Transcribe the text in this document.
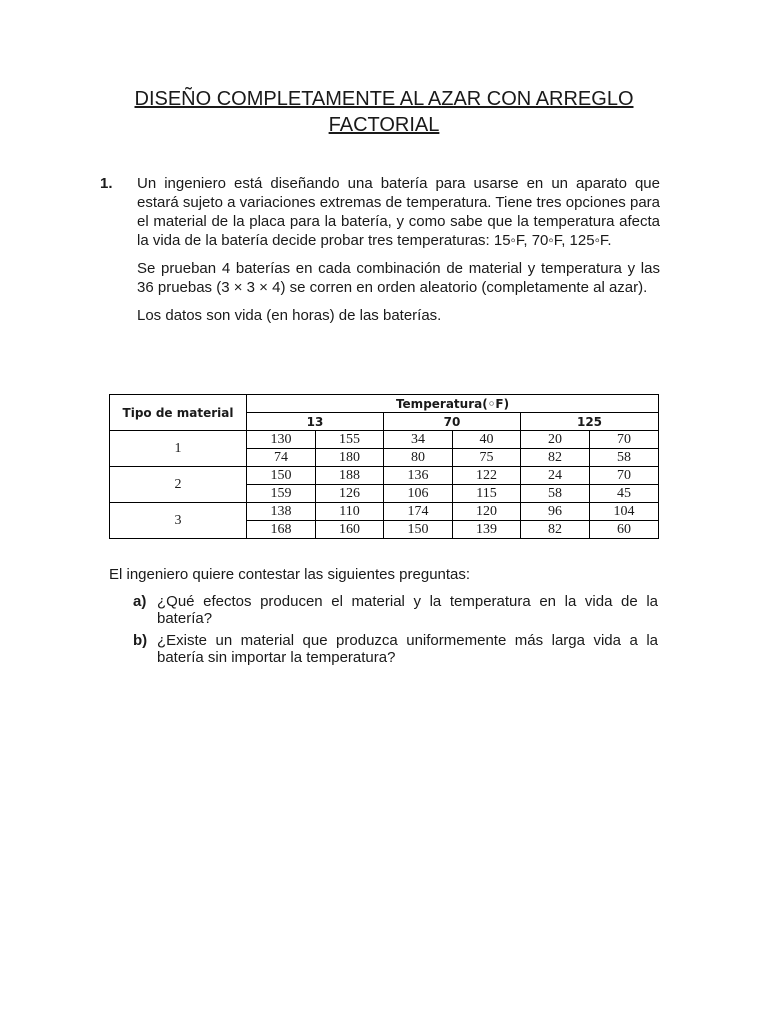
DISEÑO COMPLETAMENTE AL AZAR CON ARREGLO
FACTORIAL
1. Un ingeniero está diseñando una batería para usarse en un aparato que estará sujeto a variaciones extremas de temperatura. Tiene tres opciones para el material de la placa para la batería, y como sabe que la temperatura afecta la vida de la batería decide probar tres temperaturas: 15◦F, 70◦F, 125◦F.

Se prueban 4 baterías en cada combinación de material y temperatura y las 36 pruebas (3 × 3 × 4) se corren en orden aleatorio (completamente al azar).

Los datos son vida (en horas) de las baterías.

Tipo de material	Temperatura(◦F)					
	13		70		125	
1	130	155	34	40	20	70
	74	180	80	75	82	58
2	150	188	136	122	24	70
	159	126	106	115	58	45
3	138	110	174	120	96	104
	168	160	150	139	82	60
El ingeniero quiere contestar las siguientes preguntas:
a) ¿Qué efectos producen el material y la temperatura en la vida de la batería?
b) ¿Existe un material que produzca uniformemente más larga vida a la batería sin importar la temperatura?
